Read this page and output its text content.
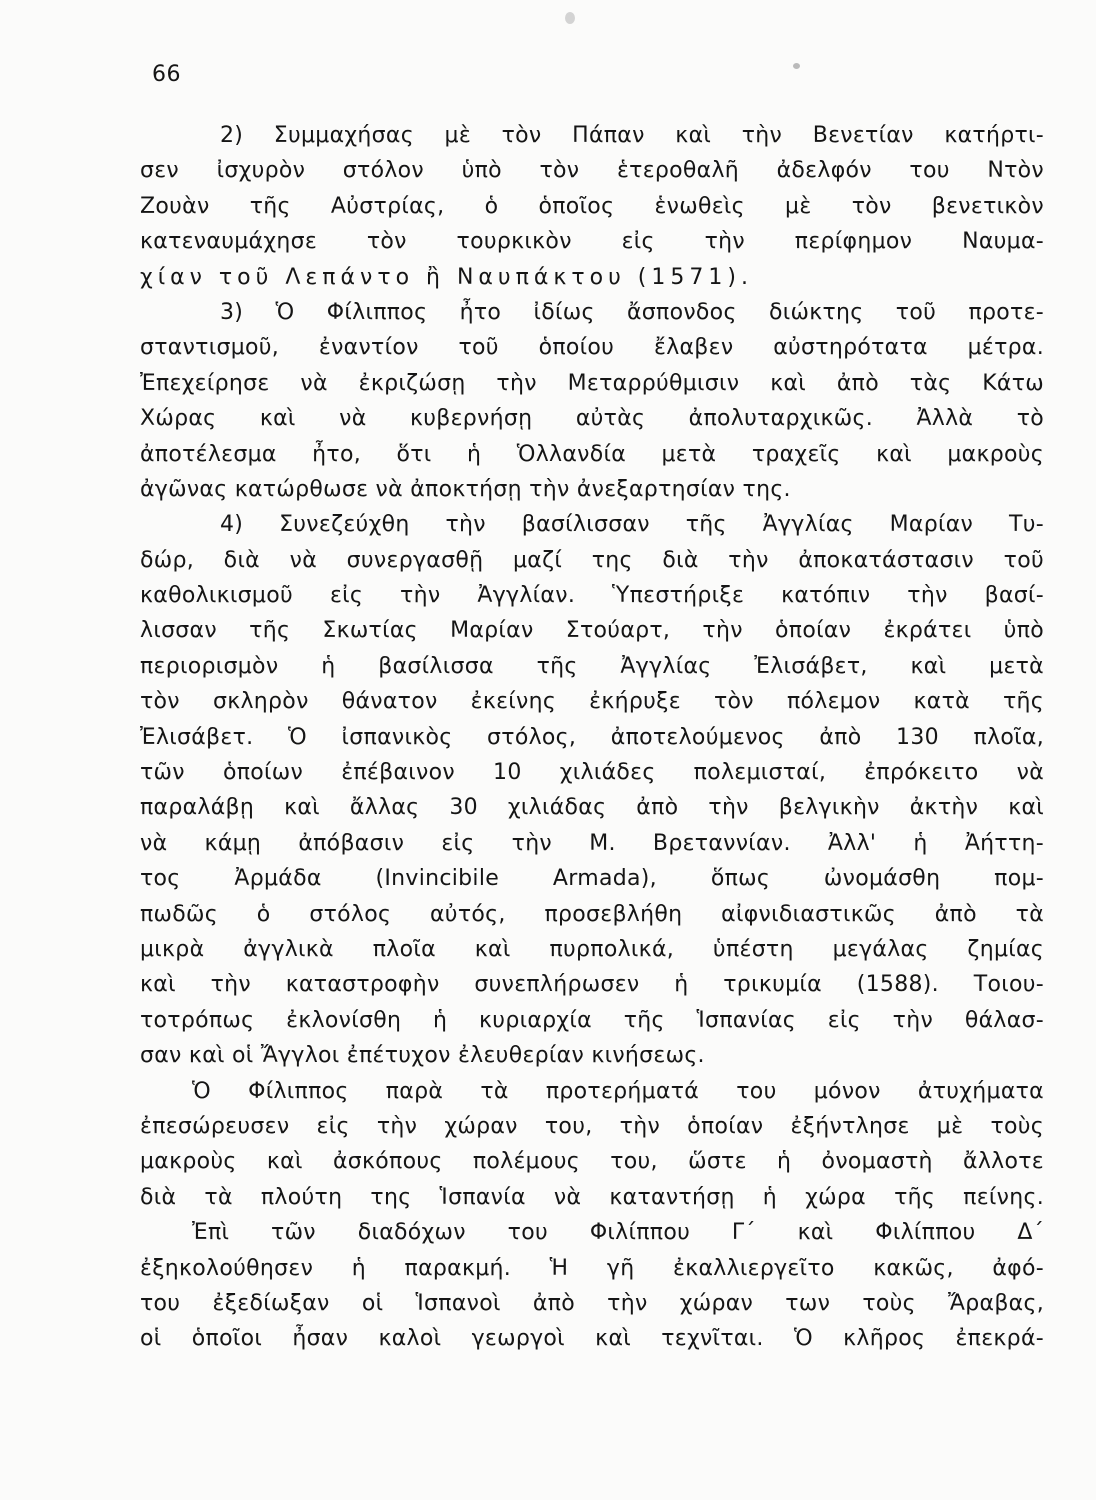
66
2) Συμμαχήσας μὲ τὸν Πάπαν καὶ τὴν Βενετίαν κατήρτι-
σεν ἰσχυρὸν στόλον ὑπὸ τὸν ἑτεροθαλῆ ἀδελφόν του Ντὸν
Ζουὰν τῆς Αὐστρίας, ὁ ὁποῖος ἑνωθεὶς μὲ τὸν βενετικὸν
κατεναυμάχησε τὸν τουρκικὸν εἰς τὴν περίφημον Ναυμα-
χίαν τοῦ Λεπάντο ἢ Ναυπάκτου (1571).
3) Ὁ Φίλιππος ἦτο ἰδίως ἄσπονδος διώκτης τοῦ προτε-
σταντισμοῦ, ἐναντίον τοῦ ὁποίου ἔλαβεν αὐστηρότατα μέτρα.
Ἐπεχείρησε νὰ ἐκριζώσῃ τὴν Μεταρρύθμισιν καὶ ἀπὸ τὰς Κάτω
Χώρας καὶ νὰ κυβερνήσῃ αὐτὰς ἀπολυταρχικῶς. Ἀλλὰ τὸ
ἀποτέλεσμα ἦτο, ὅτι ἡ Ὁλλανδία μετὰ τραχεῖς καὶ μακροὺς
ἀγῶνας κατώρθωσε νὰ ἀποκτήσῃ τὴν ἀνεξαρτησίαν της.
4) Συνεζεύχθη τὴν βασίλισσαν τῆς Ἀγγλίας Μαρίαν Τυ-
δώρ, διὰ νὰ συνεργασθῇ μαζί της διὰ τὴν ἀποκατάστασιν τοῦ
καθολικισμοῦ εἰς τὴν Ἀγγλίαν. Ὑπεστήριξε κατόπιν τὴν βασί-
λισσαν τῆς Σκωτίας Μαρίαν Στούαρτ, τὴν ὁποίαν ἐκράτει ὑπὸ
περιορισμὸν ἡ βασίλισσα τῆς Ἀγγλίας Ἐλισάβετ, καὶ μετὰ
τὸν σκληρὸν θάνατον ἐκείνης ἐκήρυξε τὸν πόλεμον κατὰ τῆς
Ἐλισάβετ. Ὁ ἰσπανικὸς στόλος, ἀποτελούμενος ἀπὸ 130 πλοῖα,
τῶν ὁποίων ἐπέβαινον 10 χιλιάδες πολεμισταί, ἐπρόκειτο νὰ
παραλάβῃ καὶ ἄλλας 30 χιλιάδας ἀπὸ τὴν βελγικὴν ἀκτὴν καὶ
νὰ κάμῃ ἀπόβασιν εἰς τὴν Μ. Βρεταννίαν. Ἀλλ' ἡ Ἀήττη-
τος Ἀρμάδα (Invincibile Armada), ὅπως ὠνομάσθη πομ-
πωδῶς ὁ στόλος αὐτός, προσεβλήθη αἰφνιδιαστικῶς ἀπὸ τὰ
μικρὰ ἀγγλικὰ πλοῖα καὶ πυρπολικά, ὑπέστη μεγάλας ζημίας
καὶ τὴν καταστροφὴν συνεπλήρωσεν ἡ τρικυμία (1588). Τοιου-
τοτρόπως ἐκλονίσθη ἡ κυριαρχία τῆς Ἱσπανίας εἰς τὴν θάλασ-
σαν καὶ οἱ Ἄγγλοι ἐπέτυχον ἐλευθερίαν κινήσεως.
Ὁ Φίλιππος παρὰ τὰ προτερήματά του μόνον ἀτυχήματα
ἐπεσώρευσεν εἰς τὴν χώραν του, τὴν ὁποίαν ἐξήντλησε μὲ τοὺς
μακροὺς καὶ ἀσκόπους πολέμους του, ὥστε ἡ ὀνομαστὴ ἄλλοτε
διὰ τὰ πλούτη της Ἱσπανία νὰ καταντήσῃ ἡ χώρα τῆς πείνης.
Ἐπὶ τῶν διαδόχων του Φιλίππου Γ΄ καὶ Φιλίππου Δ΄
ἐξηκολούθησεν ἡ παρακμή. Ἡ γῆ ἐκαλλιεργεῖτο κακῶς, ἀφό-
του ἐξεδίωξαν οἱ Ἱσπανοὶ ἀπὸ τὴν χώραν των τοὺς Ἄραβας,
οἱ ὁποῖοι ἦσαν καλοὶ γεωργοὶ καὶ τεχνῖται. Ὁ κλῆρος ἐπεκρά-
